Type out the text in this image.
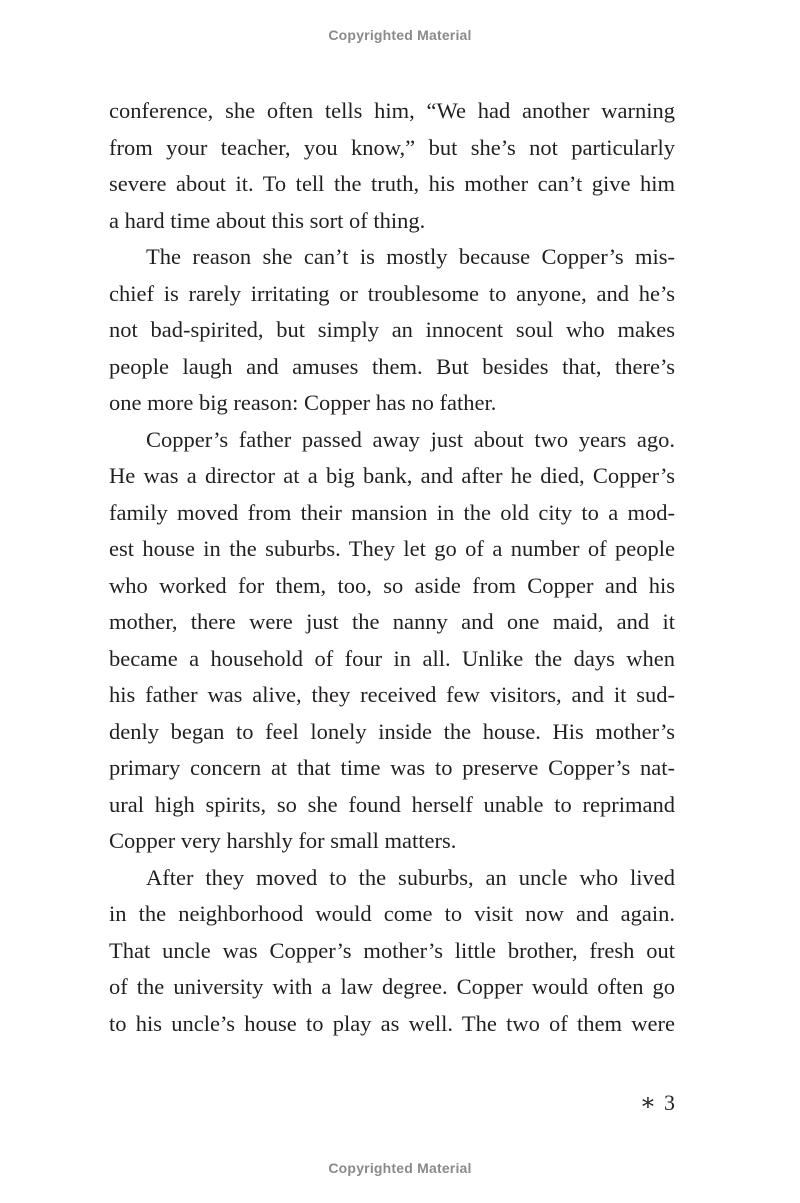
Copyrighted Material

conference, she often tells him, “We had another warning
from your teacher, you know,” but she’s not particularly
severe about it. To tell the truth, his mother can’t give him
a hard time about this sort of thing.

The reason she can’t is mostly because Copper’s mis-
chief is rarely irritating or troublesome to anyone, and he’s
not bad-spirited, but simply an innocent soul who makes
people laugh and amuses them. But besides that, there’s
one more big reason: Copper has no father.

Copper’s father passed away just about two years ago.
He was a director at a big bank, and after he died, Copper’s
family moved from their mansion in the old city to a mod-
est house in the suburbs. They let go of a number of people
who worked for them, too, so aside from Copper and his
mother, there were just the nanny and one maid, and it
became a household of four in all. Unlike the days when
his father was alive, they received few visitors, and it sud-
denly began to feel lonely inside the house. His mother’s
primary concern at that time was to preserve Copper’s nat-
ural high spirits, so she found herself unable to reprimand
Copper very harshly for small matters.

After they moved to the suburbs, an uncle who lived
in the neighborhood would come to visit now and again.
That uncle was Copper’s mother’s little brother, fresh out
of the university with a law degree. Copper would often go
to his uncle’s house to play as well. The two of them were

∗ 3
Copyrighted Material
